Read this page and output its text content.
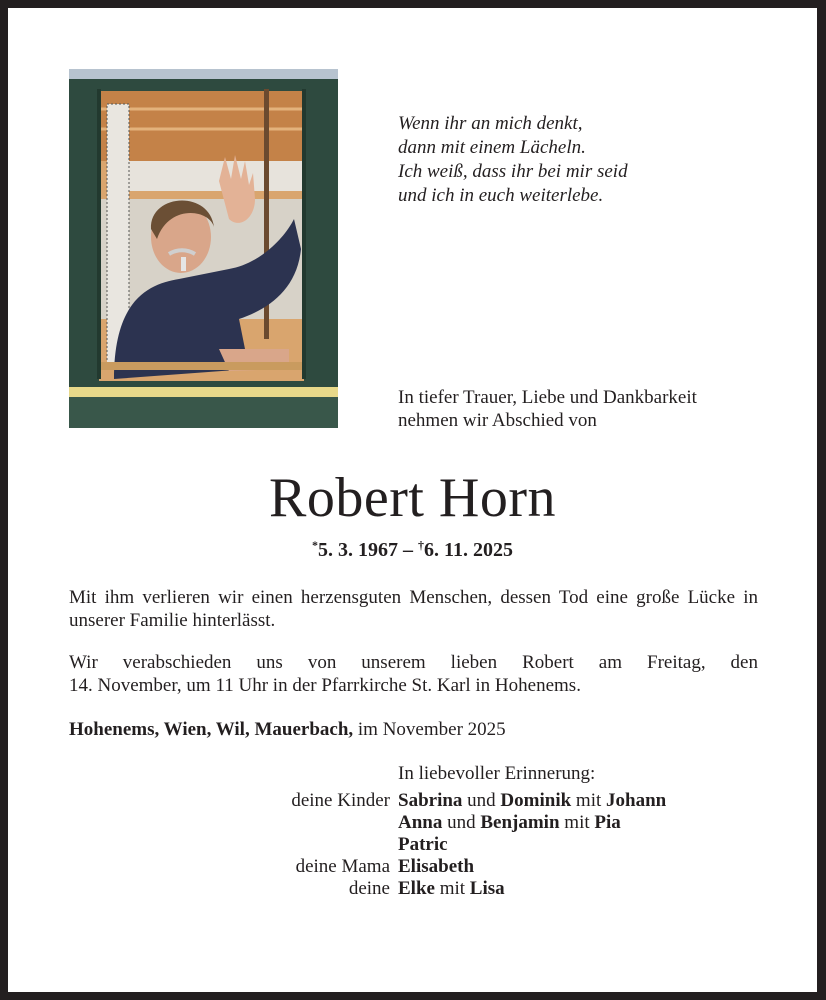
Wenn ihr an mich denkt,
dann mit einem Lächeln.
Ich weiß, dass ihr bei mir seid
und ich in euch weiterlebe.
In tiefer Trauer, Liebe und Dankbarkeit
nehmen wir Abschied von
Robert Horn
*5. 3. 1967 – †6. 11. 2025
Mit ihm verlieren wir einen herzensguten Menschen, dessen Tod eine große Lücke in unserer Familie hinterlässt.
Wir verabschieden uns von unserem lieben Robert am Freitag, den
14. November, um 11 Uhr in der Pfarrkirche St. Karl in Hohenems.
Hohenems, Wien, Wil, Mauerbach, im November 2025
In liebevoller Erinnerung:
deine Kinder Sabrina und Dominik mit Johann
Anna und Benjamin mit Pia
Patric
deine Mama Elisabeth
deine Elke mit Lisa
